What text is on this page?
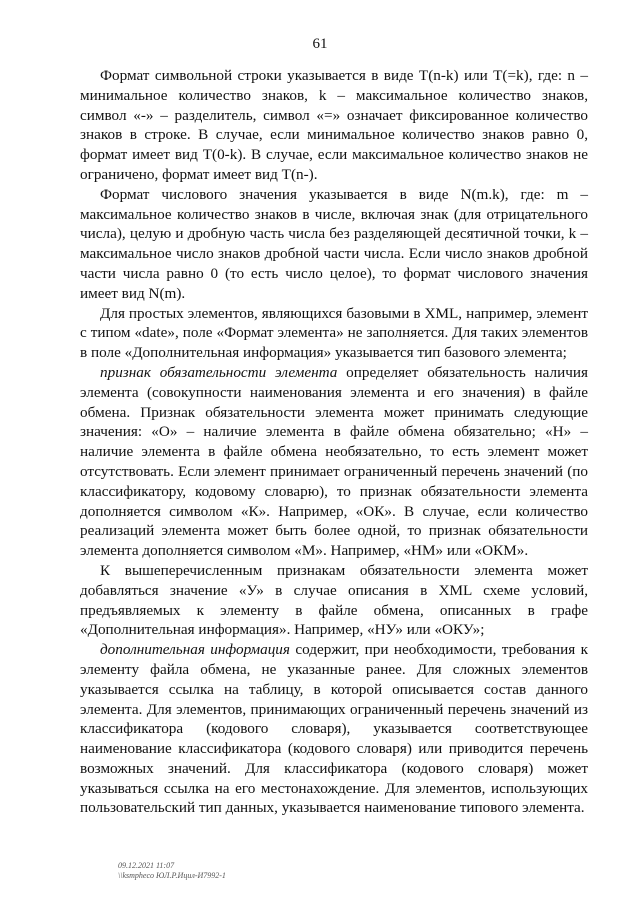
61

Формат символьной строки указывается в виде T(n-k) или T(=k), где: n – минимальное количество знаков, k – максимальное количество знаков, символ «-» – разделитель, символ «=» означает фиксированное количество знаков в строке. В случае, если минимальное количество знаков равно 0, формат имеет вид T(0-k). В случае, если максимальное количество знаков не ограничено, формат имеет вид T(n-).

Формат числового значения указывается в виде N(m.k), где: m – максимальное количество знаков в числе, включая знак (для отрицательного числа), целую и дробную часть числа без разделяющей десятичной точки, k – максимальное число знаков дробной части числа. Если число знаков дробной части числа равно 0 (то есть число целое), то формат числового значения имеет вид N(m).

Для простых элементов, являющихся базовыми в XML, например, элемент с типом «date», поле «Формат элемента» не заполняется. Для таких элементов в поле «Дополнительная информация» указывается тип базового элемента;

признак обязательности элемента определяет обязательность наличия элемента (совокупности наименования элемента и его значения) в файле обмена. Признак обязательности элемента может принимать следующие значения: «О» – наличие элемента в файле обмена обязательно; «Н» – наличие элемента в файле обмена необязательно, то есть элемент может отсутствовать. Если элемент принимает ограниченный перечень значений (по классификатору, кодовому словарю), то признак обязательности элемента дополняется символом «К». Например, «ОК». В случае, если количество реализаций элемента может быть более одной, то признак обязательности элемента дополняется символом «М». Например, «НМ» или «ОКМ».

К вышеперечисленным признакам обязательности элемента может добавляться значение «У» в случае описания в XML схеме условий, предъявляемых к элементу в файле обмена, описанных в графе «Дополнительная информация». Например, «НУ» или «ОКУ»;

дополнительная информация содержит, при необходимости, требования к элементу файла обмена, не указанные ранее. Для сложных элементов указывается ссылка на таблицу, в которой описывается состав данного элемента. Для элементов, принимающих ограниченный перечень значений из классификатора (кодового словаря), указывается соответствующее наименование классификатора (кодового словаря) или приводится перечень возможных значений. Для классификатора (кодового словаря) может указываться ссылка на его местонахождение. Для элементов, использующих пользовательский тип данных, указывается наименование типового элемента.

09.12.2021 11:07
\\ksmpheco ЮЛ.Р.Ицил-И7992-1
